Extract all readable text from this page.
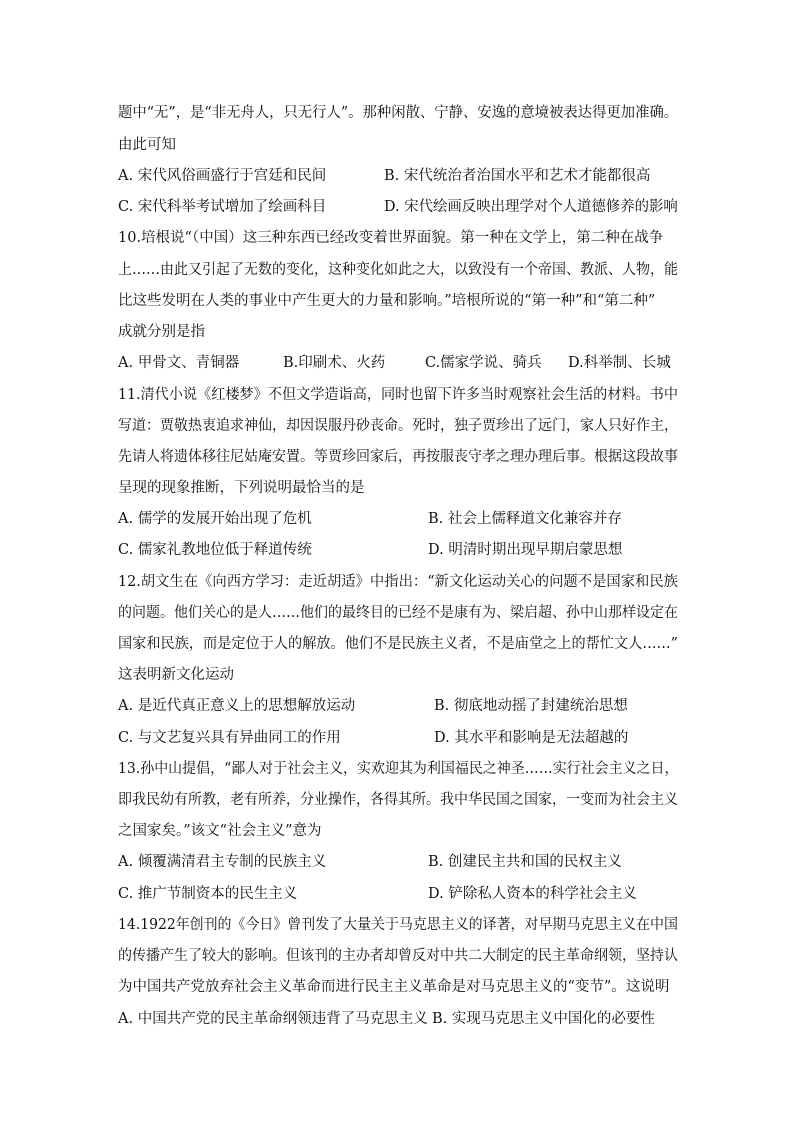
题中“无”，是“非无舟人，只无行人”。那种闲散、宁静、安逸的意境被表达得更加准确。
由此可知
A. 宋代风俗画盛行于宫廷和民间	B. 宋代统治者治国水平和艺术才能都很高
C. 宋代科举考试增加了绘画科目	D. 宋代绘画反映出理学对个人道德修养的影响
10.培根说“（中国）这三种东西已经改变着世界面貌。第一种在文学上，第二种在战争
上……由此又引起了无数的变化，这种变化如此之大，以致没有一个帝国、教派、人物，能
比这些发明在人类的事业中产生更大的力量和影响。”培根所说的“第一种”和“第二种”
成就分别是指
A. 甲骨文、青铜器	B.印刷术、火药	C.儒家学说、骑兵 D.科举制、长城
11.清代小说《红楼梦》不但文学造诣高，同时也留下许多当时观察社会生活的材料。书中
写道：贾敬热衷追求神仙，却因误服丹砂丧命。死时，独子贾珍出了远门，家人只好作主，
先请人将遗体移往尼姑庵安置。等贾珍回家后，再按服丧守孝之理办理后事。根据这段故事
呈现的现象推断，下列说明最恰当的是
A. 儒学的发展开始出现了危机	B. 社会上儒释道文化兼容并存
C. 儒家礼教地位低于释道传统	D. 明清时期出现早期启蒙思想
12.胡文生在《向西方学习：走近胡适》中指出：“新文化运动关心的问题不是国家和民族
的问题。他们关心的是人……他们的最终目的已经不是康有为、梁启超、孙中山那样设定在
国家和民族，而是定位于人的解放。他们不是民族主义者，不是庙堂之上的帮忙文人……”
这表明新文化运动
A. 是近代真正意义上的思想解放运动	B. 彻底地动摇了封建统治思想
C. 与文艺复兴具有异曲同工的作用	D. 其水平和影响是无法超越的
13.孙中山提倡，“鄙人对于社会主义，实欢迎其为利国福民之神圣……实行社会主义之日，
即我民幼有所教，老有所养，分业操作，各得其所。我中华民国之国家，一变而为社会主义
之国家矣。”该文“社会主义”意为
A. 倾覆满清君主专制的民族主义	B. 创建民主共和国的民权主义
C. 推广节制资本的民生主义	D. 铲除私人资本的科学社会主义
14.1922年创刊的《今日》曾刊发了大量关于马克思主义的译著，对早期马克思主义在中国
的传播产生了较大的影响。但该刊的主办者却曾反对中共二大制定的民主革命纲领，坚持认
为中国共产党放弃社会主义革命而进行民主主义革命是对马克思主义的“变节”。这说明
A. 中国共产党的民主革命纲领违背了马克思主义 B. 实现马克思主义中国化的必要性
